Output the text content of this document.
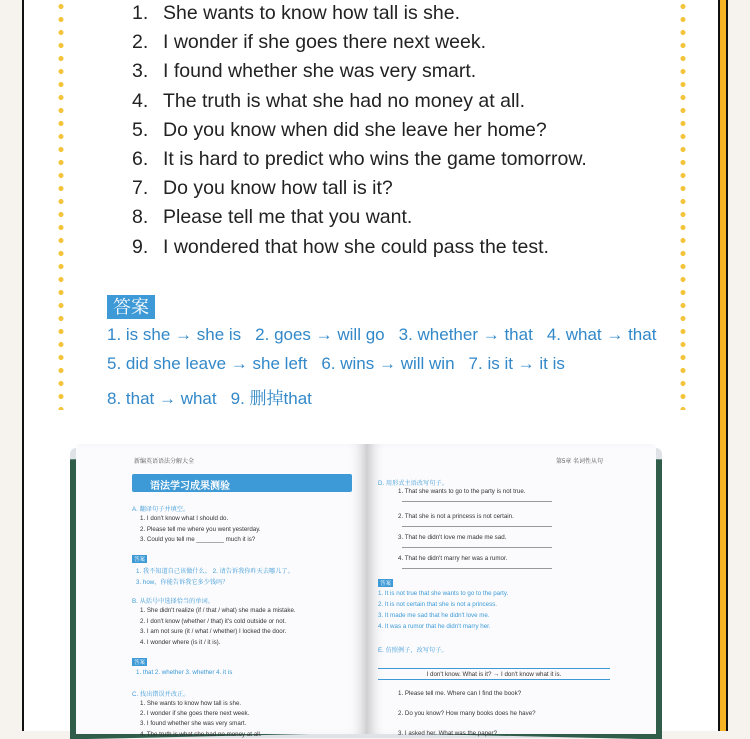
1. She wants to know how tall is she.
2. I wonder if she goes there next week.
3. I found whether she was very smart.
4. The truth is what she had no money at all.
5. Do you know when did she leave her home?
6. It is hard to predict who wins the game tomorrow.
7. Do you know how tall is it?
8. Please tell me that you want.
9. I wondered that how she could pass the test.
答案
1. is she → she is 2. goes → will go 3. whether → that 4. what → that
5. did she leave → she left 6. wins → will win 7. is it → it is
8. that → what 9. 删掉that
新编英语语法分解大全
语法学习成果测验
A. 翻译句子并填空。
1. I don't know what I should do.
2. Please tell me where you went yesterday.
3. Could you tell me ________ much it is?
答案
1. 我不知道自己该做什么。 2. 请告诉我你昨天去哪儿了。
3. how，你能告诉我它多少钱吗？
B. 从括号中选择恰当的单词。
1. She didn't realize (if / that / what) she made a mistake.
2. I don't know (whether / that) it's cold outside or not.
3. I am not sure (it / what / whether) I locked the door.
4. I wonder where (is it / it is).
答案
1. that 2. whether 3. whether 4. it is
C. 找出错误并改正。
1. She wants to know how tall is she.
2. I wonder if she goes there next week.
3. I found whether she was very smart.
4. The truth is what she had no money at all.
第5章 名词性从句
I don't know. What is it? → I don't know what it is.
D. 用形式主语改写句子。
1. That she wants to go to the party is not true.
2. That she is not a princess is not certain.
3. That he didn't love me made me sad.
4. That he didn't marry her was a rumor.
答案
1. It is not true that she wants to go to the party.
2. It is not certain that she is not a princess.
3. It made me sad that he didn't love me.
4. It was a rumor that he didn't marry her.
E. 仿照例子，改写句子。
1. Please tell me. Where can I find the book?
2. Do you know? How many books does he have?
3. I asked her. What was the paper?
